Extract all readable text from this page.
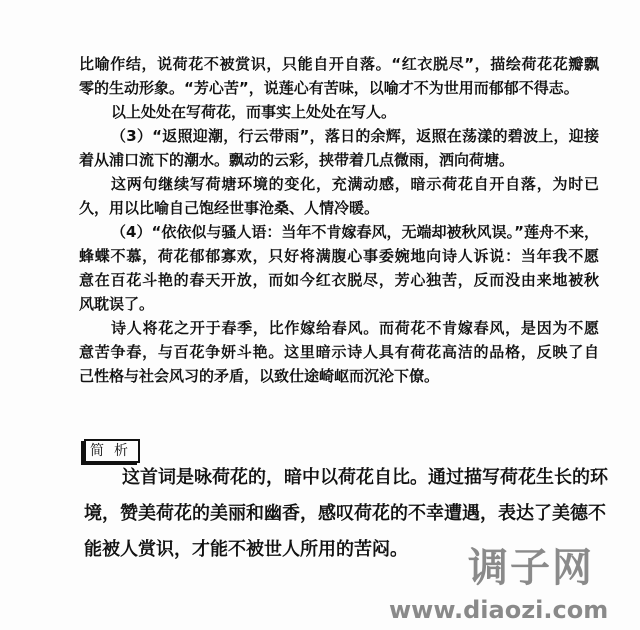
比喻作结，说荷花不被赏识，只能自开自落。“红衣脱尽”，描绘荷花花瓣飘
零的生动形象。“芳心苦”，说莲心有苦味，以喻才不为世用而郁郁不得志。
以上处处在写荷花，而事实上处处在写人。
（3）“返照迎潮，行云带雨”，落日的余辉，返照在荡漾的碧波上，迎接
着从浦口流下的潮水。飘动的云彩，挟带着几点微雨，洒向荷塘。
这两句继续写荷塘环境的变化，充满动感，暗示荷花自开自落，为时已
久，用以比喻自己饱经世事沧桑、人情冷暖。
（4）“依依似与骚人语：当年不肯嫁春风，无端却被秋风误。”莲舟不来，
蜂蝶不慕，荷花郁郁寡欢，只好将满腹心事委婉地向诗人诉说：当年我不愿
意在百花斗艳的春天开放，而如今红衣脱尽，芳心独苦，反而没由来地被秋
风耽误了。
诗人将花之开于春季，比作嫁给春风。而荷花不肯嫁春风，是因为不愿
意苦争春，与百花争妍斗艳。这里暗示诗人具有荷花高洁的品格，反映了自
己性格与社会风习的矛盾，以致仕途崎岖而沉沦下僚。
简析
这首词是咏荷花的，暗中以荷花自比。通过描写荷花生长的环
境，赞美荷花的美丽和幽香，感叹荷花的不幸遭遇，表达了美德不
能被人赏识，才能不被世人所用的苦闷。	调子网
www.diaozi.com
